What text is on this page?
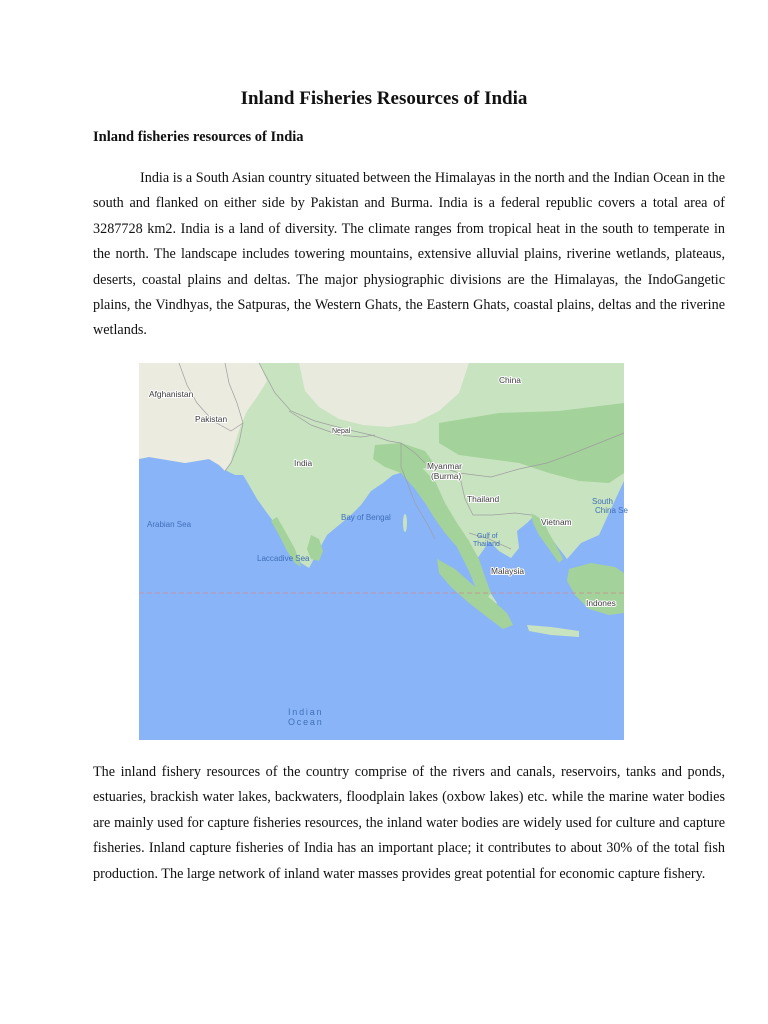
Inland Fisheries Resources of India
Inland fisheries resources of India

India is a South Asian country situated between the Himalayas in the north and the Indian Ocean in the south and flanked on either side by Pakistan and Burma. India is a federal republic covers a total area of 3287728 km2. India is a land of diversity. The climate ranges from tropical heat in the south to temperate in the north. The landscape includes towering mountains, extensive alluvial plains, riverine wetlands, plateaus, deserts, coastal plains and deltas. The major physiographic divisions are the Himalayas, the IndoGangetic plains, the Vindhyas, the Satpuras, the Western Ghats, the Eastern Ghats, coastal plains, deltas and the riverine wetlands.

Afghanistan
Pakistan
China
Nepal
India	Myanmar
(Burma)
Thailand
Vietnam
South
China Se
Gulf of
Thailand
Malaysia
Indones
Arabian Sea
Bay of Bengal
Laccadive Sea
Indian
Ocean

The inland fishery resources of the country comprise of the rivers and canals, reservoirs, tanks and ponds, estuaries, brackish water lakes, backwaters, floodplain lakes (oxbow lakes) etc. while the marine water bodies are mainly used for capture fisheries resources, the inland water bodies are widely used for culture and capture fisheries. Inland capture fisheries of India has an important place; it contributes to about 30% of the total fish production. The large network of inland water masses provides great potential for economic capture fishery.
